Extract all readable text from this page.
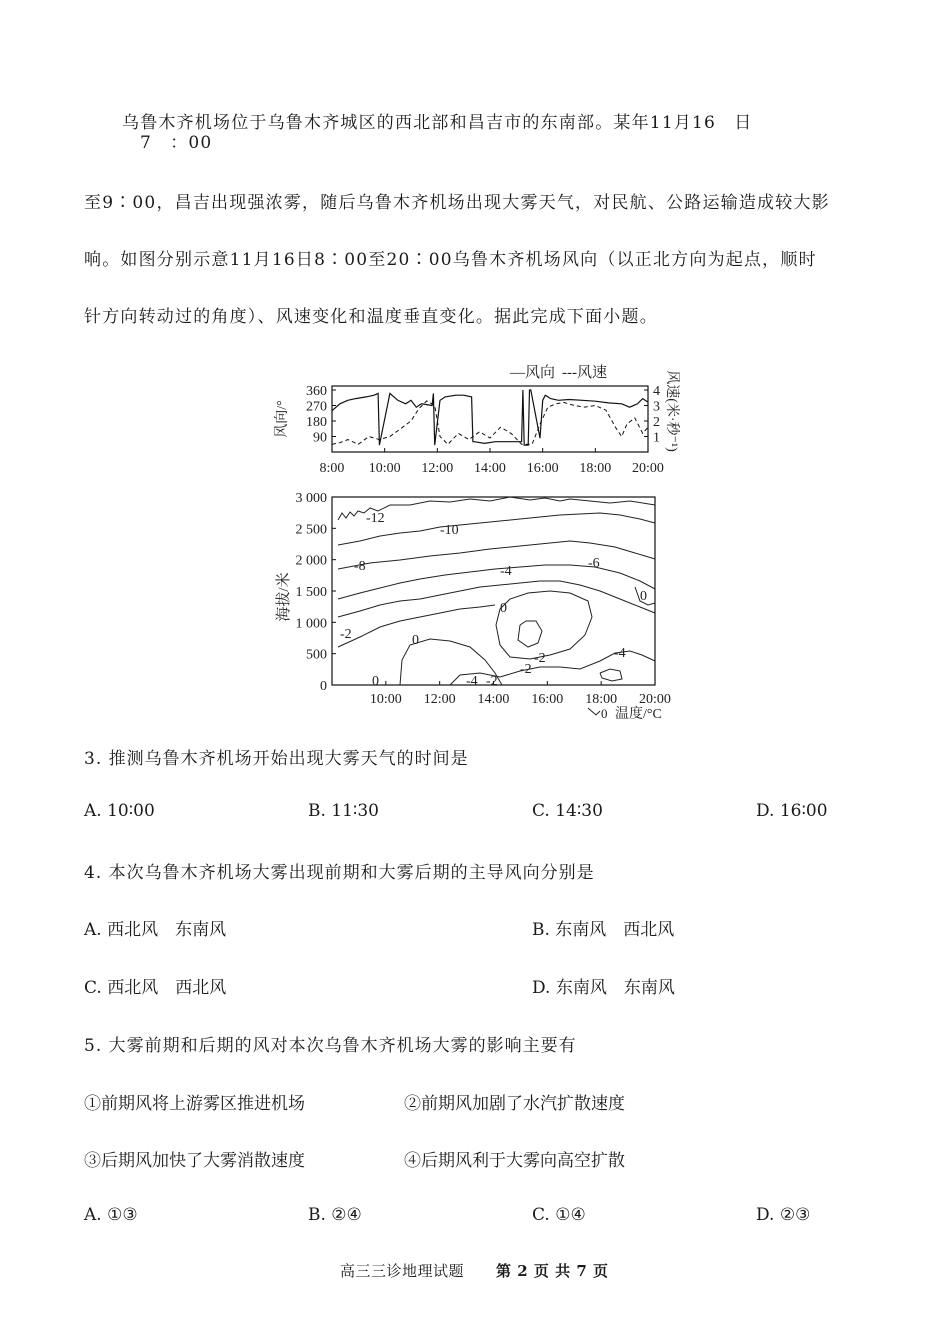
乌鲁木齐机场位于乌鲁木齐城区的西北部和昌吉市的东南部。某年11月16　日
7　：00
至9∶00，昌吉出现强浓雾，随后乌鲁木齐机场出现大雾天气，对民航、公路运输造成较大影
响。如图分别示意11月16日8∶00至20∶00乌鲁木齐机场风向（以正北方向为起点，顺时
针方向转动过的角度）、风速变化和温度垂直变化。据此完成下面小题。
360
270
180
90
4
3
2
1
8:00 10:00 12:00 14:00 16:00 18:00 20:00
—风向 ---风速
风向/°	风速(米·秒⁻¹)
3 000
2 500
2 000
1 500
1 000
500
0
10:00 12:00 14:00 16:00 18:00 20:00
-12
-10
-8	-6
-4
-2
0
0
0
-2
-2
-4
-4
-2
0
海拔/米
0 温度/°C
3. 推测乌鲁木齐机场开始出现大雾天气的时间是
A. 10∶00	B. 11∶30	C. 14∶30	D. 16∶00
4. 本次乌鲁木齐机场大雾出现前期和大雾后期的主导风向分别是
A. 西北风　东南风	B. 东南风　西北风
C. 西北风　西北风	D. 东南风　东南风
5. 大雾前期和后期的风对本次乌鲁木齐机场大雾的影响主要有
①前期风将上游雾区推进机场	②前期风加剧了水汽扩散速度
③后期风加快了大雾消散速度	④后期风利于大雾向高空扩散
A. ①③	B. ②④	C. ①④	D. ②③
高三三诊地理试题 第 2 页 共 7 页
